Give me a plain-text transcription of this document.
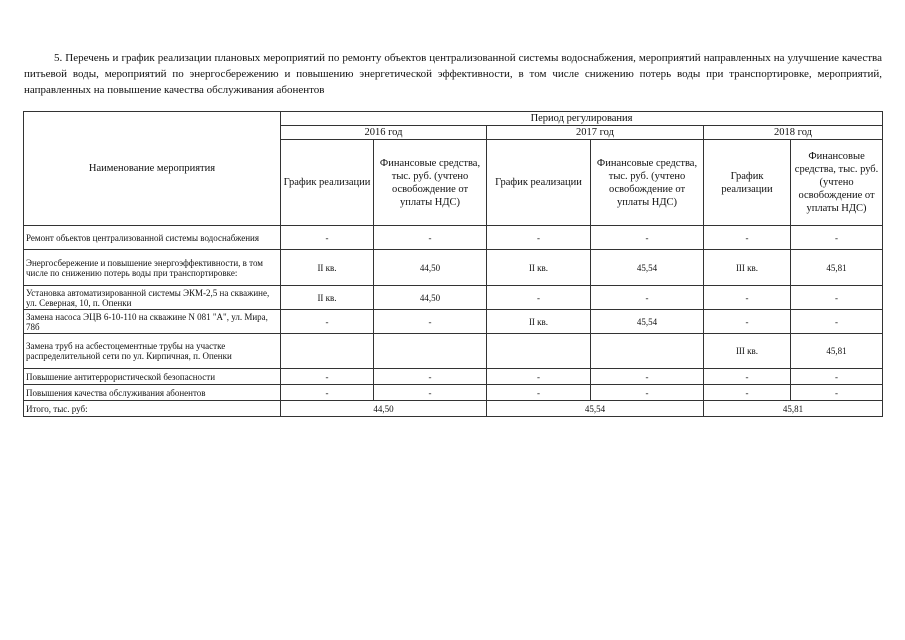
5. Перечень и график реализации плановых мероприятий по ремонту объектов централизованной системы водоснабжения, мероприятий направленных на улучшение качества питьевой воды, мероприятий по энергосбережению и повышению энергетической эффективности, в том числе снижению потерь воды при транспортировке, мероприятий, направленных на повышение качества обслуживания абонентов

Наименование мероприятия	Период регулирования					
	2016 год		2017 год		2018 год	
	График реализации	Финансовые средства, тыс. руб. (учтено освобождение от уплаты НДС)	График реализации	Финансовые средства, тыс. руб. (учтено освобождение от уплаты НДС)	График реализации	Финансовые средства, тыс. руб. (учтено освобождение от уплаты НДС)
Ремонт объектов централизованной системы водоснабжения	-	-	-	-	-	-
Энергосбережение и повышение энергоэффективности, в том числе по снижению потерь воды при транспортировке:	II кв.	44,50	II кв.	45,54	III кв.	45,81
Установка автоматизированной системы ЭКМ-2,5 на скважине, ул. Северная, 10, п. Опенки	II кв.	44,50	-	-	-	-
Замена насоса ЭЦВ 6-10-110 на скважине N 081 "А", ул. Мира, 78б	-	-	II кв.	45,54	-	-
Замена труб на асбестоцементные трубы на участке распределительной сети по ул. Кирпичная, п. Опенки					III кв.	45,81
Повышение антитеррористической безопасности	-	-	-	-	-	-
Повышения качества обслуживания абонентов	-	-	-	-	-	-
Итого, тыс. руб:	44,50		45,54		45,81	
